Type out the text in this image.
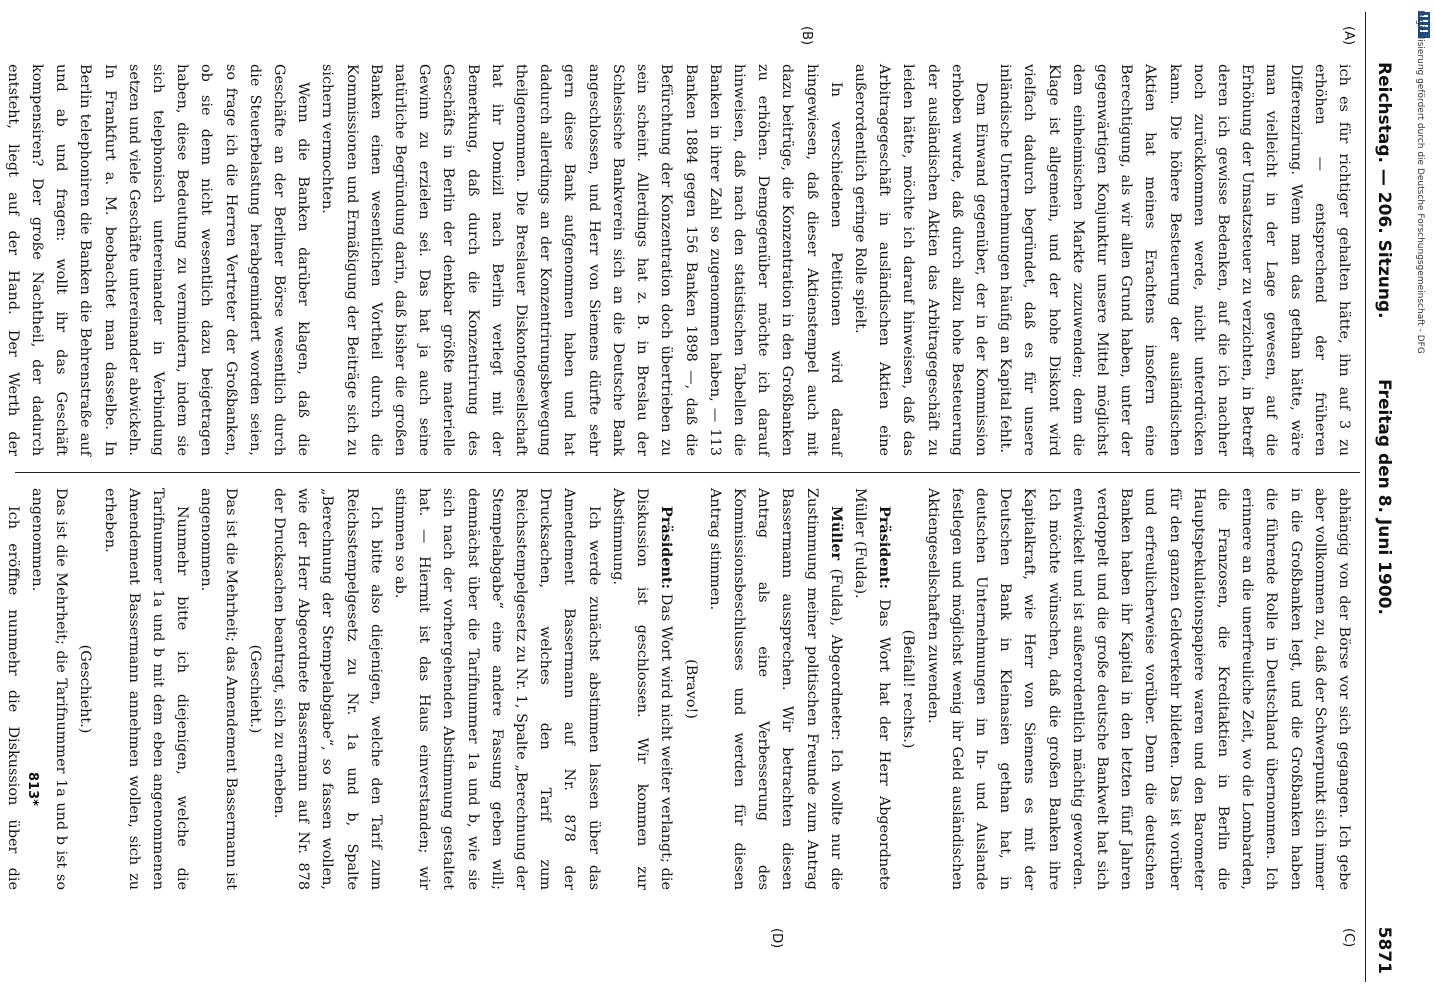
Reichstag. — 206. Sitzung.
Freitag den 8. Juni 1900.
5871
(A)
(B)
(C)
(D)

ich es für richtiger gehalten hätte, ihn auf 3 zu erhöhen — entsprechend der früheren Differenzirung. Wenn man das gethan hätte, wäre man vielleicht in der Lage gewesen, auf die Erhöhung der Umsatzsteuer zu verzichten, in Betreff deren ich gewisse Bedenken, auf die ich nachher noch zurückkommen werde, nicht unterdrücken kann. Die höhere Besteuerung der ausländischen Aktien hat meines Erachtens insofern eine Berechtigung, als wir allen Grund haben, unter der gegenwärtigen Konjunktur unsere Mittel möglichst dem einheimischen Markte zuzuwenden; denn die Klage ist allgemein, und der hohe Diskont wird vielfach dadurch begründet, daß es für unsere inländische Unternehmungen häufig an Kapital fehlt.

Dem Einwand gegenüber, der in der Kommission erhoben wurde, daß durch allzu hohe Besteuerung der ausländischen Aktien das Arbitragegeschäft zu leiden hätte, möchte ich darauf hinweisen, daß das Arbitragegeschäft in ausländischen Aktien eine außerordentlich geringe Rolle spielt.

In verschiedenen Petitionen wird darauf hingewiesen, daß dieser Aktienstempel auch mit dazu beitrüge, die Konzentration in den Großbanken zu erhöhen. Demgegenüber möchte ich darauf hinweisen, daß nach den statistischen Tabellen die Banken in ihrer Zahl so zugenommen haben, — 113 Banken 1884 gegen 156 Banken 1898 —, daß die Befürchtung der Konzentration doch übertrieben zu sein scheint. Allerdings hat z. B. in Breslau der Schlesische Bankverein sich an die Deutsche Bank angeschlossen, und Herr von Siemens dürfte sehr gern diese Bank aufgenommen haben und hat dadurch allerdings an der Konzentrirungsbewegung theilgenommen. Die Breslauer Diskontogesellschaft hat ihr Domizil nach Berlin verlegt mit der Bemerkung, daß durch die Konzentrirung des Geschäfts in Berlin der denkbar größte materielle Gewinn zu erzielen sei. Das hat ja auch seine natürliche Begründung darin, daß bisher die großen Banken einen wesentlichen Vortheil durch die Kommissionen und Ermäßigung der Beiträge sich zu sichern vermochten.

Wenn die Banken darüber klagen, daß die Geschäfte an der Berliner Börse wesentlich durch die Steuerbelastung herabgemindert worden seien, so frage ich die Herren Vertreter der Großbanken, ob sie denn nicht wesentlich dazu beigetragen haben, diese Bedeutung zu vermindern, indem sie sich telephonisch untereinander in Verbindung setzen und viele Geschäfte untereinander abwickeln. In Frankfurt a. M. beobachtet man dasselbe. In Berlin telephoniren die Banken die Behrenstraße auf und ab und fragen: wollt ihr das Geschäft kompensiren? Der große Nachtheil, der dadurch entsteht, liegt auf der Hand. Der Werth der

abhängig von der Börse vor sich gegangen. Ich gebe aber vollkommen zu, daß der Schwerpunkt sich immer in die Großbanken legt, und die Großbanken haben die führende Rolle in Deutschland übernommen. Ich erinnere an die unerfreuliche Zeit, wo die Lombarden, die Franzosen, die Kreditaktien in Berlin die Hauptspekulationspapiere waren und den Barometer für den ganzen Geldverkehr bildeten. Das ist vorüber und erfreulicherweise vorüber. Denn die deutschen Banken haben ihr Kapital in den letzten fünf Jahren verdoppelt und die große deutsche Bankwelt hat sich entwickelt und ist außerordentlich mächtig geworden. Ich möchte wünschen, daß die großen Banken ihre Kapitalkraft, wie Herr von Siemens es mit der Deutschen Bank in Kleinasien gethan hat, in deutschen Unternehmungen im In- und Auslande festlegen und möglichst wenig ihr Geld ausländischen Aktiengesellschaften zuwenden.

(Beifall! rechts.)

Präsident: Das Wort hat der Herr Abgeordnete Müller (Fulda).

Müller (Fulda), Abgeordneter: Ich wollte nur die Zustimmung meiner politischen Freunde zum Antrag Bassermann aussprechen. Wir betrachten diesen Antrag als eine Verbesserung des Kommissionsbeschlusses und werden für diesen Antrag stimmen.

(Bravo!)

Präsident: Das Wort wird nicht weiter verlangt; die Diskussion ist geschlossen. Wir kommen zur Abstimmung.

Ich werde zunächst abstimmen lassen über das Amendement Bassermann auf Nr. 878 der Drucksachen, welches den Tarif zum Reichsstempelgesetz zu Nr. 1, Spalte „Berechnung der Stempelabgabe“ eine andere Fassung geben will; demnächst über die Tarifnummer 1a und b, wie sie sich nach der vorhergehenden Abstimmung gestaltet hat. — Hiermit ist das Haus einverstanden; wir stimmen so ab.

Ich bitte also diejenigen, welche den Tarif zum Reichsstempelgesetz zu Nr. 1a und b, Spalte „Berechnung der Stempelabgabe“, so fassen wollen, wie der Herr Abgeordnete Bassermann auf Nr. 878 der Drucksachen beantragt, sich zu erheben.

(Geschieht.)

Das ist die Mehrheit; das Amendement Bassermann ist angenommen.

Nunmehr bitte ich diejenigen, welche die Tarifnummer 1a und b mit dem eben angenommenen Amendement Bassermann annehmen wollen, sich zu erheben.

(Geschieht.)

Das ist die Mehrheit; die Tarifnummer 1a und b ist so angenommen.

Ich eröffne nunmehr die Diskussion über die

813*
Digitalisierung gefördert durch die Deutsche Forschungsgemeinschaft - DFG
